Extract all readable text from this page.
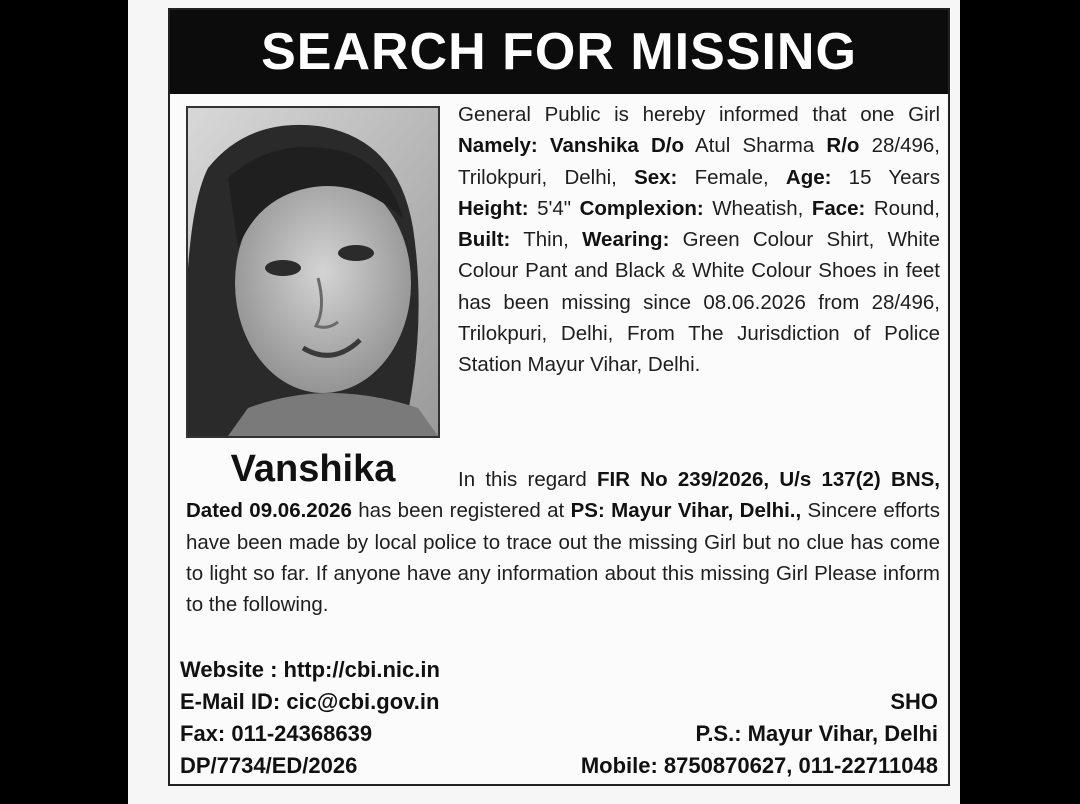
SEARCH FOR MISSING
Vanshika
General Public is hereby informed that one Girl Namely: Vanshika D/o Atul Sharma R/o 28/496, Trilokpuri, Delhi, Sex: Female, Age: 15 Years Height: 5'4" Complexion: Wheatish, Face: Round, Built: Thin, Wearing: Green Colour Shirt, White Colour Pant and Black & White Colour Shoes in feet has been missing since 08.06.2026 from 28/496, Trilokpuri, Delhi, From The Jurisdiction of Police Station Mayur Vihar, Delhi.
In this regard FIR No 239/2026, U/s 137(2) BNS, Dated 09.06.2026 has been registered at PS: Mayur Vihar, Delhi., Sincere efforts have been made by local police to trace out the missing Girl but no clue has come to light so far. If anyone have any information about this missing Girl Please inform to the following.
Website : http://cbi.nic.in
E-Mail ID: cic@cbi.gov.in
Fax: 011-24368639
DP/7734/ED/2026
SHO
P.S.: Mayur Vihar, Delhi
Mobile: 8750870627, 011-22711048
